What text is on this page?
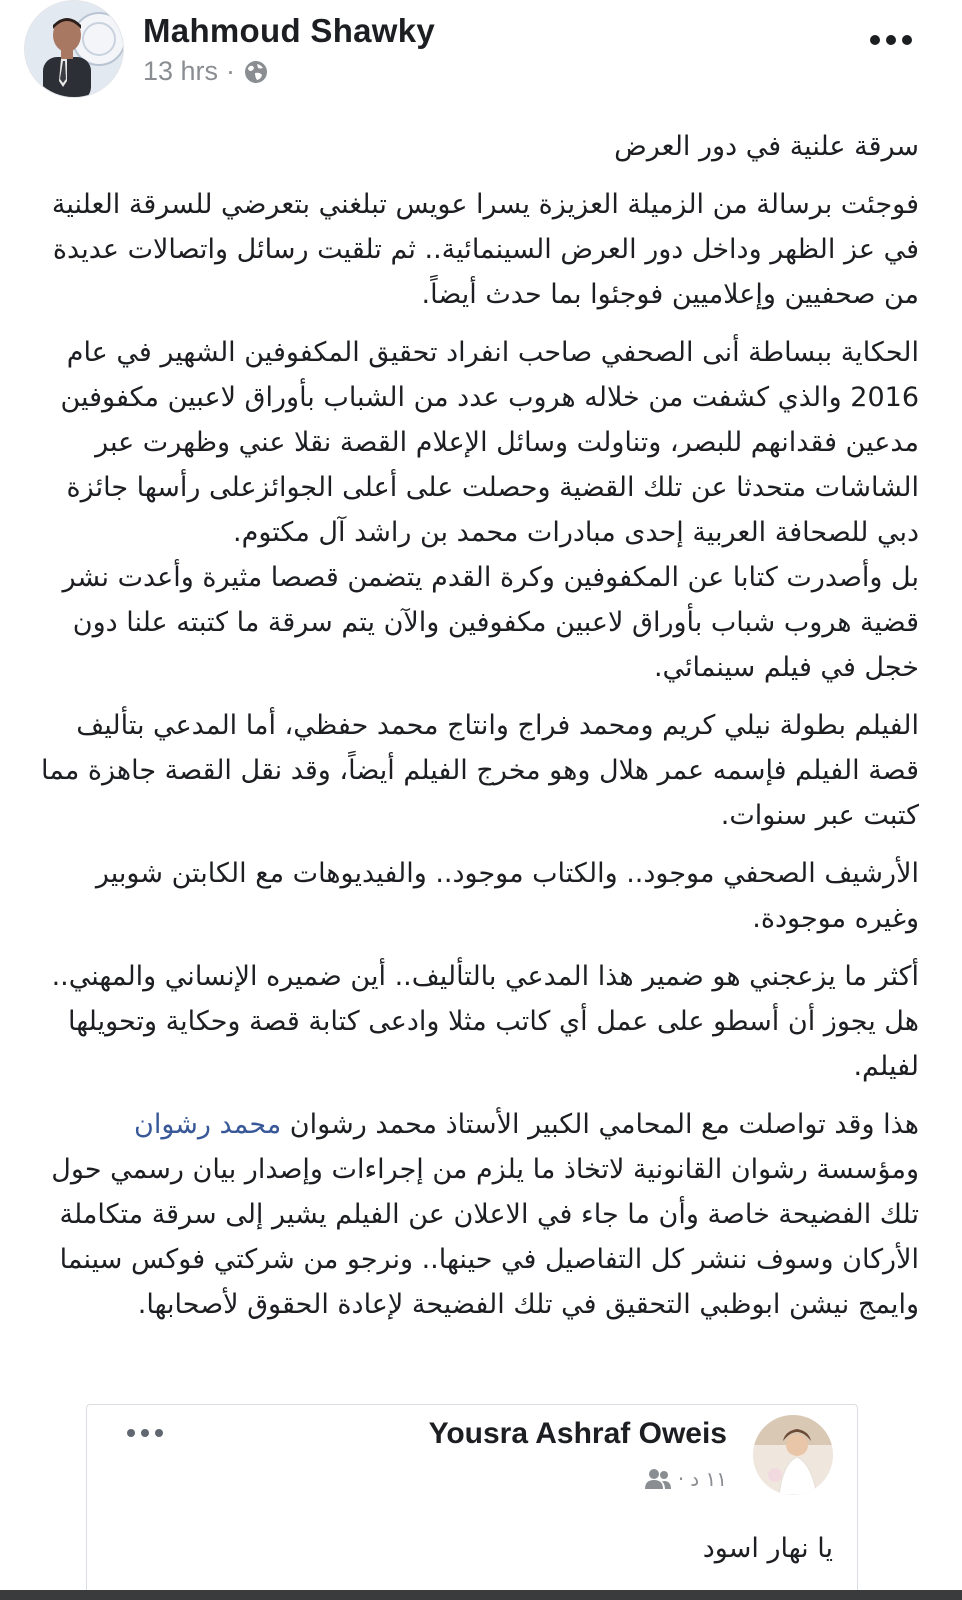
Mahmoud Shawky
13 hrs ·

سرقة علنية في دور العرض

فوجئت برسالة من الزميلة العزيزة يسرا عويس تبلغني بتعرضي للسرقة العلنية في عز الظهر وداخل دور العرض السينمائية.. ثم تلقيت رسائل واتصالات عديدة من صحفيين وإعلاميين فوجئوا بما حدث أيضاً.

الحكاية ببساطة أنى الصحفي صاحب انفراد تحقيق المكفوفين الشهير في عام 2016 والذي كشفت من خلاله هروب عدد من الشباب بأوراق لاعبين مكفوفين مدعين فقدانهم للبصر، وتناولت وسائل الإعلام القصة نقلا عني وظهرت عبر الشاشات متحدثا عن تلك القضية وحصلت على أعلى الجوائزعلى رأسها جائزة دبي للصحافة العربية إحدى مبادرات محمد بن راشد آل مكتوم.
بل وأصدرت كتابا عن المكفوفين وكرة القدم يتضمن قصصا مثيرة وأعدت نشر قضية هروب شباب بأوراق لاعبين مكفوفين والآن يتم سرقة ما كتبته علنا دون خجل في فيلم سينمائي.

الفيلم بطولة نيلي كريم ومحمد فراج وانتاج محمد حفظي، أما المدعي بتأليف قصة الفيلم فإسمه عمر هلال وهو مخرج الفيلم أيضاً، وقد نقل القصة جاهزة مما كتبت عبر سنوات.

الأرشيف الصحفي موجود.. والكتاب موجود.. والفيديوهات مع الكابتن شوبير وغيره موجودة.

أكثر ما يزعجني هو ضمير هذا المدعي بالتأليف.. أين ضميره الإنساني والمهني.. هل يجوز أن أسطو على عمل أي كاتب مثلا وادعى كتابة قصة وحكاية وتحويلها لفيلم.

هذا وقد تواصلت مع المحامي الكبير الأستاذ محمد رشوان محمد رشوان ومؤسسة رشوان القانونية لاتخاذ ما يلزم من إجراءات وإصدار بيان رسمي حول تلك الفضيحة خاصة وأن ما جاء في الاعلان عن الفيلم يشير إلى سرقة متكاملة الأركان وسوف ننشر كل التفاصيل في حينها.. ونرجو من شركتي فوكس سينما وايمج نيشن ابوظبي التحقيق في تلك الفضيحة لإعادة الحقوق لأصحابها.

Yousra Ashraf Oweis
١١ د
·
يا نهار اسود
